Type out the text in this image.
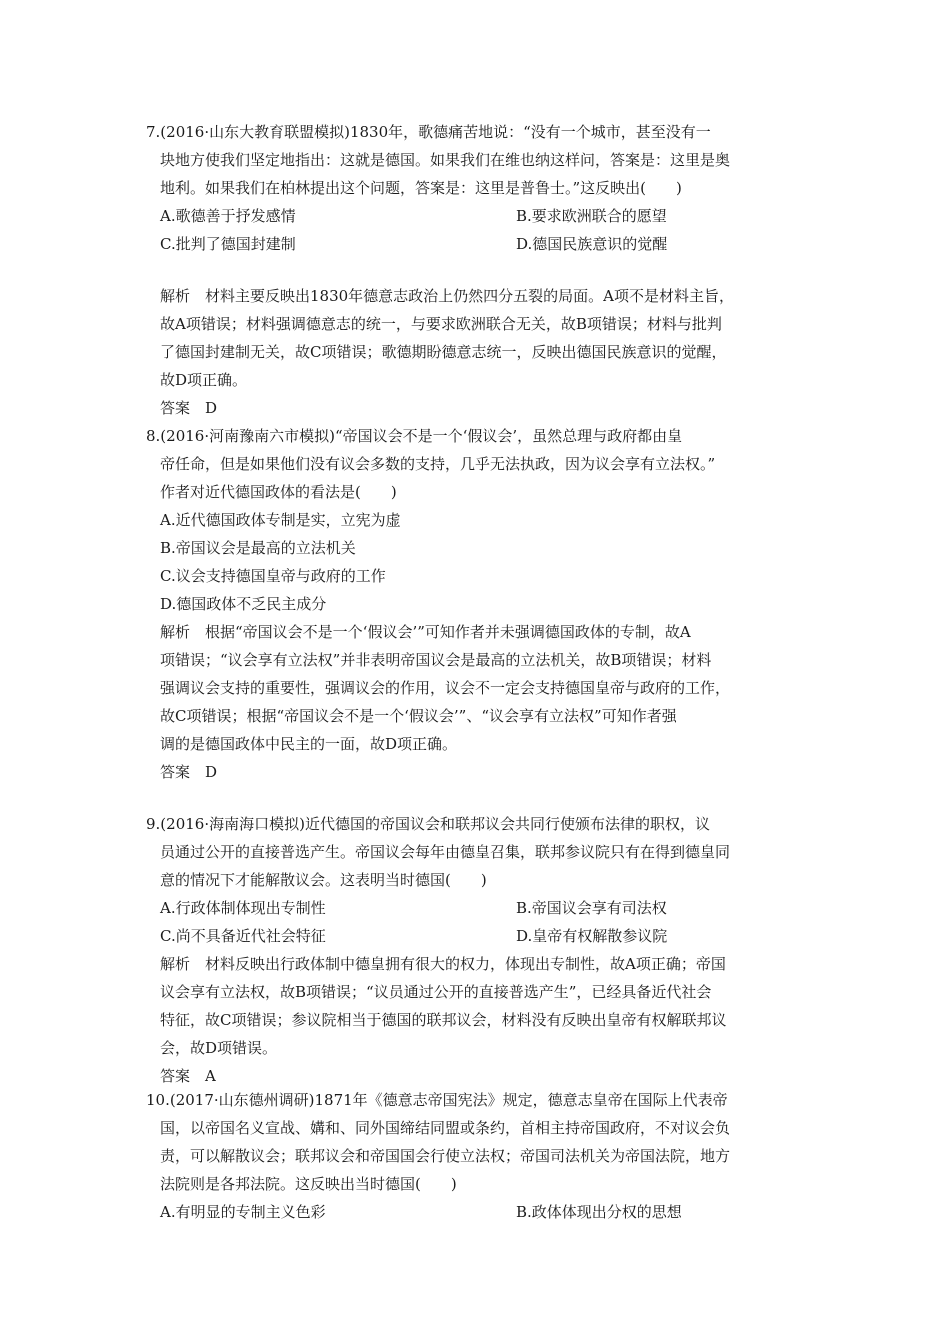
7.(2016·山东大教育联盟模拟)1830年，歌德痛苦地说：“没有一个城市，甚至没有一
块地方使我们坚定地指出：这就是德国。如果我们在维也纳这样问，答案是：这里是奥
地利。如果我们在柏林提出这个问题，答案是：这里是普鲁士。”这反映出(　　)
A.歌德善于抒发感情	B.要求欧洲联合的愿望
C.批判了德国封建制	D.德国民族意识的觉醒
解析　材料主要反映出1830年德意志政治上仍然四分五裂的局面。A项不是材料主旨，
故A项错误；材料强调德意志的统一，与要求欧洲联合无关，故B项错误；材料与批判
了德国封建制无关，故C项错误；歌德期盼德意志统一，反映出德国民族意识的觉醒，
故D项正确。
答案　D
8.(2016·河南豫南六市模拟)“帝国议会不是一个‘假议会’，虽然总理与政府都由皇
帝任命，但是如果他们没有议会多数的支持，几乎无法执政，因为议会享有立法权。”
作者对近代德国政体的看法是(　　)
A.近代德国政体专制是实，立宪为虚
B.帝国议会是最高的立法机关
C.议会支持德国皇帝与政府的工作
D.德国政体不乏民主成分
解析　根据“帝国议会不是一个‘假议会’”可知作者并未强调德国政体的专制，故A
项错误；“议会享有立法权”并非表明帝国议会是最高的立法机关，故B项错误；材料
强调议会支持的重要性，强调议会的作用，议会不一定会支持德国皇帝与政府的工作，
故C项错误；根据“帝国议会不是一个‘假议会’”、“议会享有立法权”可知作者强
调的是德国政体中民主的一面，故D项正确。
答案　D
9.(2016·海南海口模拟)近代德国的帝国议会和联邦议会共同行使颁布法律的职权，议
员通过公开的直接普选产生。帝国议会每年由德皇召集，联邦参议院只有在得到德皇同
意的情况下才能解散议会。这表明当时德国(　　)
A.行政体制体现出专制性	B.帝国议会享有司法权
C.尚不具备近代社会特征	D.皇帝有权解散参议院
解析　材料反映出行政体制中德皇拥有很大的权力，体现出专制性，故A项正确；帝国
议会享有立法权，故B项错误；“议员通过公开的直接普选产生”，已经具备近代社会
特征，故C项错误；参议院相当于德国的联邦议会，材料没有反映出皇帝有权解联邦议
会，故D项错误。
答案　A
10.(2017·山东德州调研)1871年《德意志帝国宪法》规定，德意志皇帝在国际上代表帝
国，以帝国名义宣战、媾和、同外国缔结同盟或条约，首相主持帝国政府，不对议会负
责，可以解散议会；联邦议会和帝国国会行使立法权；帝国司法机关为帝国法院，地方
法院则是各邦法院。这反映出当时德国(　　)
A.有明显的专制主义色彩	B.政体体现出分权的思想
